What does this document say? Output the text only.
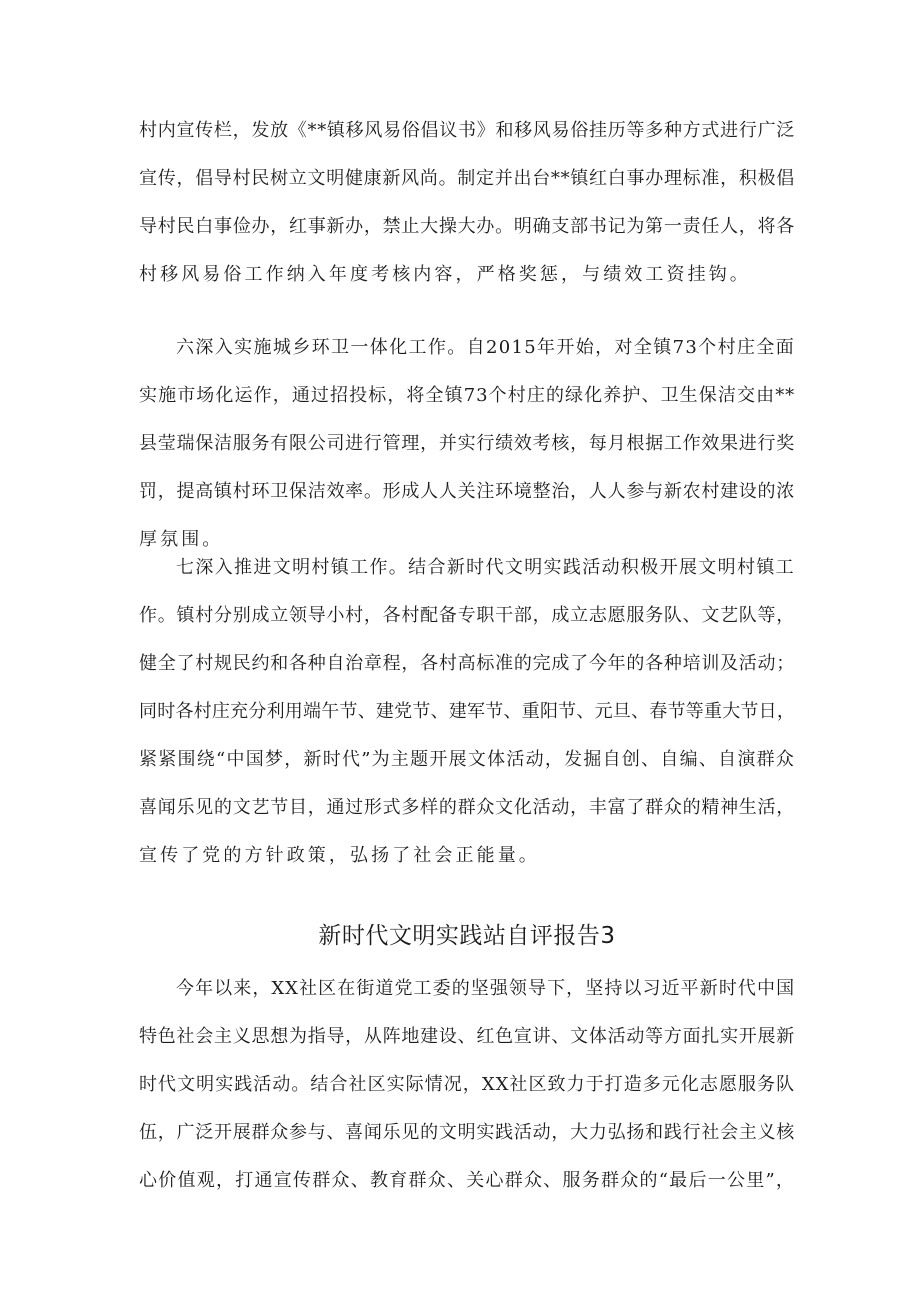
村内宣传栏，发放《**镇移风易俗倡议书》和移风易俗挂历等多种方式进行广泛
宣传，倡导村民树立文明健康新风尚。制定并出台**镇红白事办理标准，积极倡
导村民白事俭办，红事新办，禁止大操大办。明确支部书记为第一责任人，将各
村移风易俗工作纳入年度考核内容，严格奖惩，与绩效工资挂钩。

六深入实施城乡环卫一体化工作。自2015年开始，对全镇73个村庄全面
实施市场化运作，通过招投标，将全镇73个村庄的绿化养护、卫生保洁交由**
县莹瑞保洁服务有限公司进行管理，并实行绩效考核，每月根据工作效果进行奖
罚，提高镇村环卫保洁效率。形成人人关注环境整治，人人参与新农村建设的浓
厚氛围。

七深入推进文明村镇工作。结合新时代文明实践活动积极开展文明村镇工
作。镇村分别成立领导小村，各村配备专职干部，成立志愿服务队、文艺队等，
健全了村规民约和各种自治章程，各村高标准的完成了今年的各种培训及活动；
同时各村庄充分利用端午节、建党节、建军节、重阳节、元旦、春节等重大节日，
紧紧围绕“中国梦，新时代”为主题开展文体活动，发掘自创、自编、自演群众
喜闻乐见的文艺节目，通过形式多样的群众文化活动，丰富了群众的精神生活，
宣传了党的方针政策，弘扬了社会正能量。

新时代文明实践站自评报告3

今年以来，XX社区在街道党工委的坚强领导下，坚持以习近平新时代中国
特色社会主义思想为指导，从阵地建设、红色宣讲、文体活动等方面扎实开展新
时代文明实践活动。结合社区实际情况，XX社区致力于打造多元化志愿服务队
伍，广泛开展群众参与、喜闻乐见的文明实践活动，大力弘扬和践行社会主义核
心价值观，打通宣传群众、教育群众、关心群众、服务群众的“最后一公里”，
